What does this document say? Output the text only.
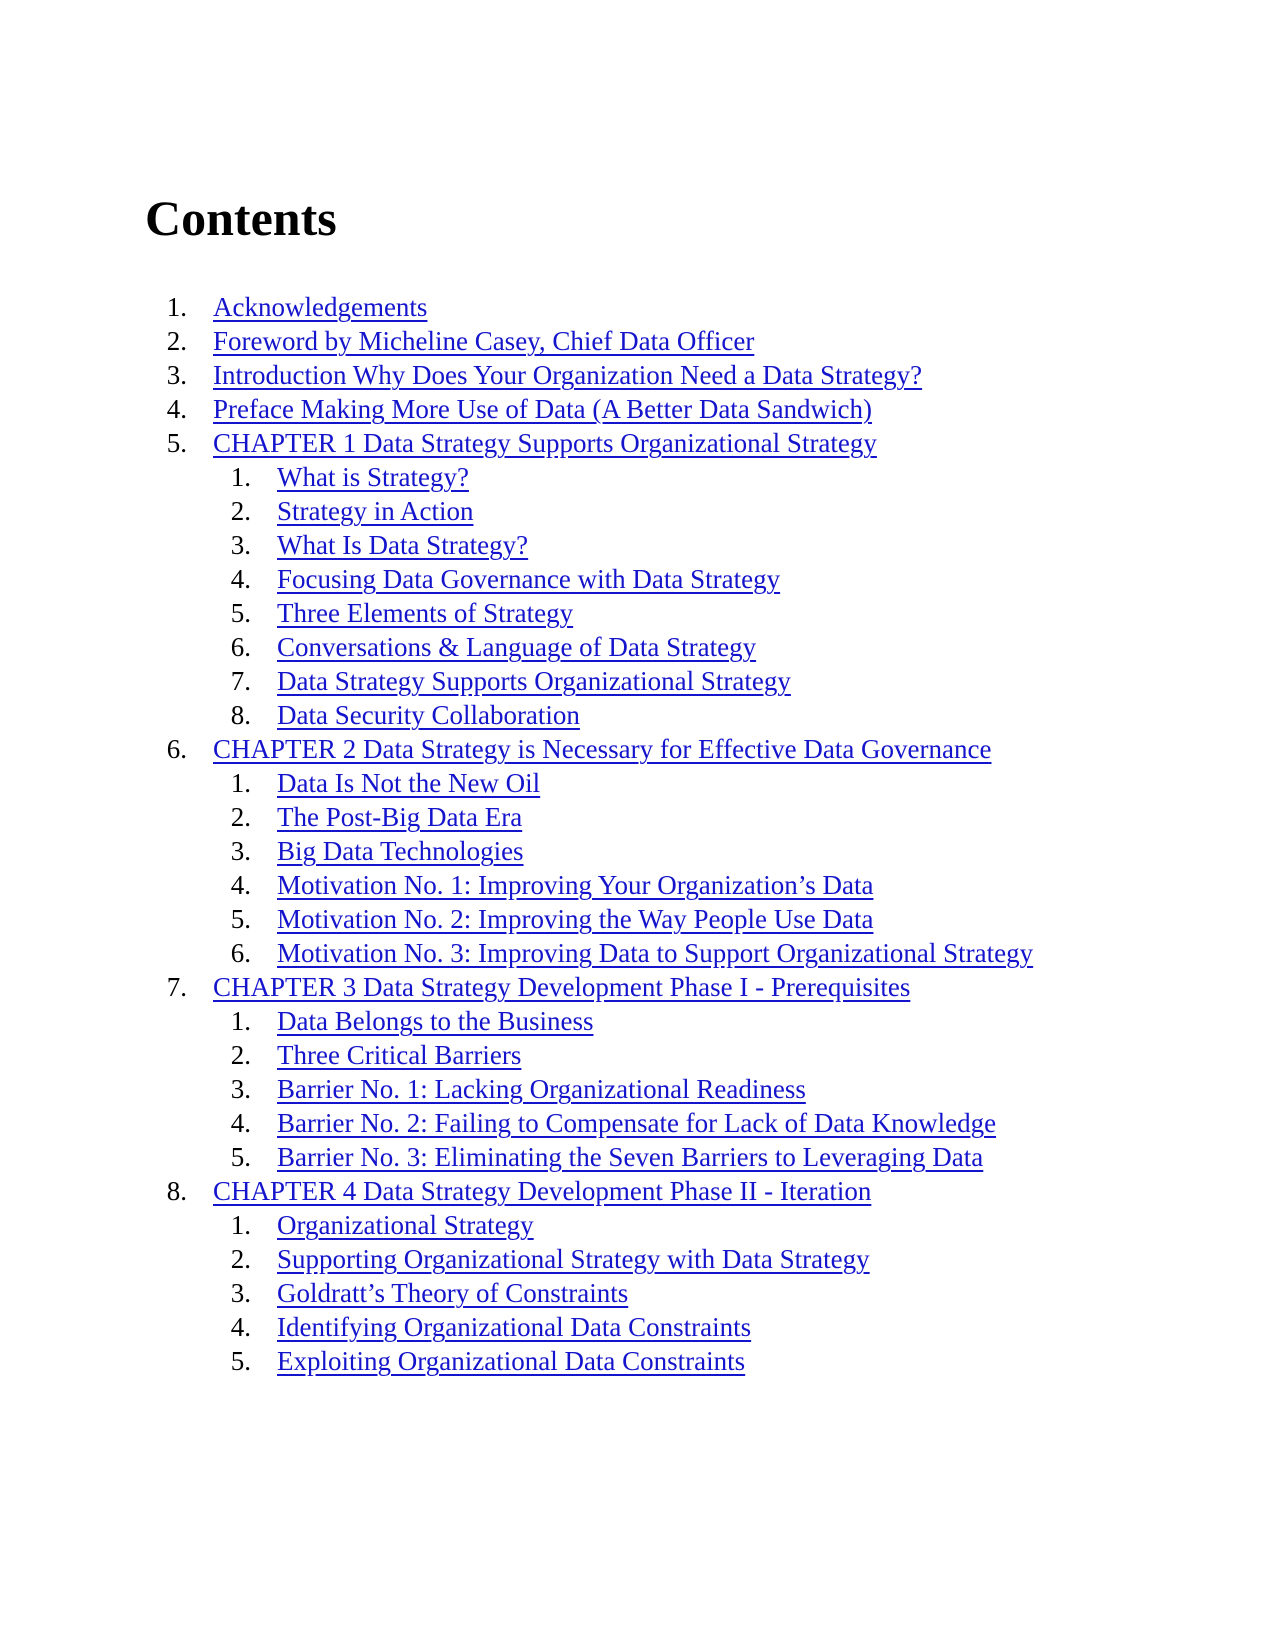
Contents
Acknowledgements
Foreword by Micheline Casey, Chief Data Officer
Introduction Why Does Your Organization Need a Data Strategy?
Preface Making More Use of Data (A Better Data Sandwich)
CHAPTER 1 Data Strategy Supports Organizational Strategy
What is Strategy?
Strategy in Action
What Is Data Strategy?
Focusing Data Governance with Data Strategy
Three Elements of Strategy
Conversations & Language of Data Strategy
Data Strategy Supports Organizational Strategy
Data Security Collaboration
CHAPTER 2 Data Strategy is Necessary for Effective Data Governance
Data Is Not the New Oil
The Post-Big Data Era
Big Data Technologies
Motivation No. 1: Improving Your Organization’s Data
Motivation No. 2: Improving the Way People Use Data
Motivation No. 3: Improving Data to Support Organizational Strategy
CHAPTER 3 Data Strategy Development Phase I - Prerequisites
Data Belongs to the Business
Three Critical Barriers
Barrier No. 1: Lacking Organizational Readiness
Barrier No. 2: Failing to Compensate for Lack of Data Knowledge
Barrier No. 3: Eliminating the Seven Barriers to Leveraging Data
CHAPTER 4 Data Strategy Development Phase II - Iteration
Organizational Strategy
Supporting Organizational Strategy with Data Strategy
Goldratt’s Theory of Constraints
Identifying Organizational Data Constraints
Exploiting Organizational Data Constraints
